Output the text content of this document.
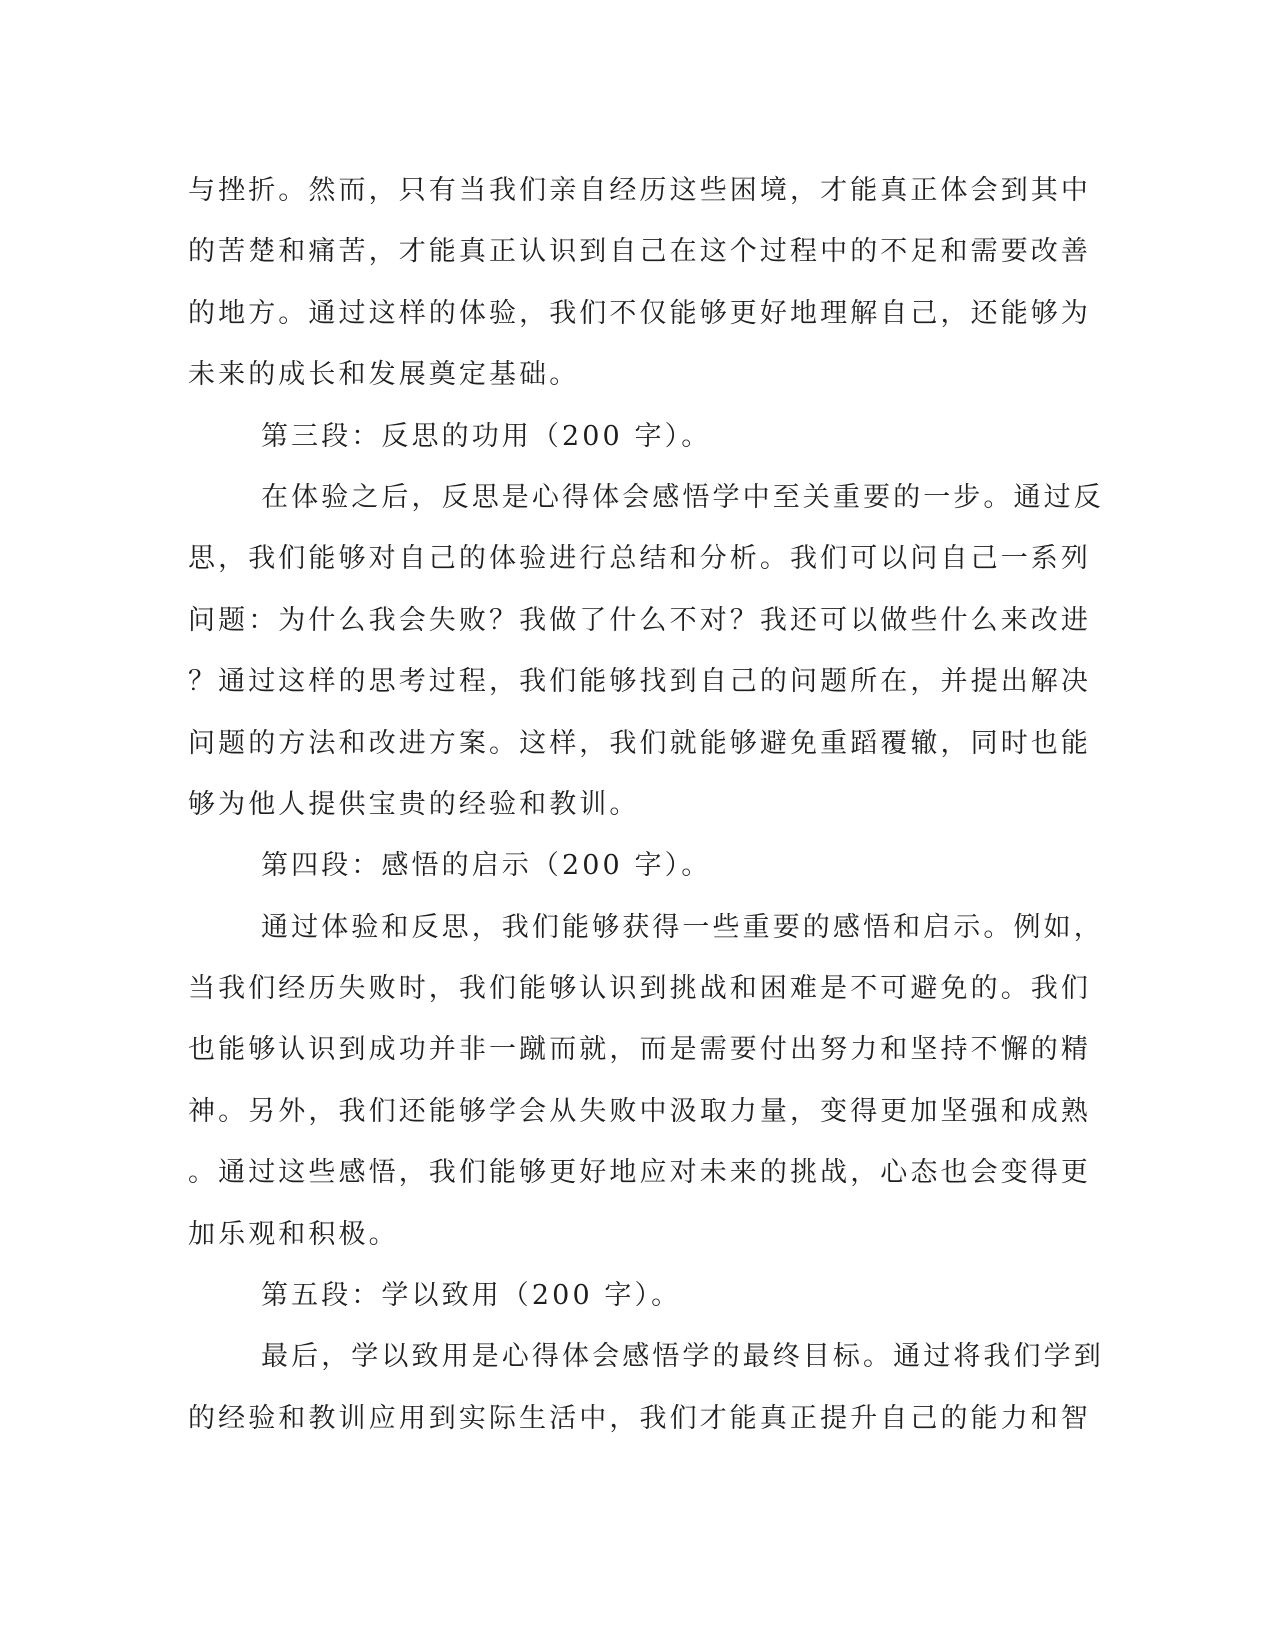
与挫折。然而，只有当我们亲自经历这些困境，才能真正体会到其中
的苦楚和痛苦，才能真正认识到自己在这个过程中的不足和需要改善
的地方。通过这样的体验，我们不仅能够更好地理解自己，还能够为
未来的成长和发展奠定基础。
第三段：反思的功用（200 字）。
在体验之后，反思是心得体会感悟学中至关重要的一步。通过反
思，我们能够对自己的体验进行总结和分析。我们可以问自己一系列
问题：为什么我会失败？我做了什么不对？我还可以做些什么来改进
？通过这样的思考过程，我们能够找到自己的问题所在，并提出解决
问题的方法和改进方案。这样，我们就能够避免重蹈覆辙，同时也能
够为他人提供宝贵的经验和教训。
第四段：感悟的启示（200 字）。
通过体验和反思，我们能够获得一些重要的感悟和启示。例如，
当我们经历失败时，我们能够认识到挑战和困难是不可避免的。我们
也能够认识到成功并非一蹴而就，而是需要付出努力和坚持不懈的精
神。另外，我们还能够学会从失败中汲取力量，变得更加坚强和成熟
。通过这些感悟，我们能够更好地应对未来的挑战，心态也会变得更
加乐观和积极。
第五段：学以致用（200 字）。
最后，学以致用是心得体会感悟学的最终目标。通过将我们学到
的经验和教训应用到实际生活中，我们才能真正提升自己的能力和智
